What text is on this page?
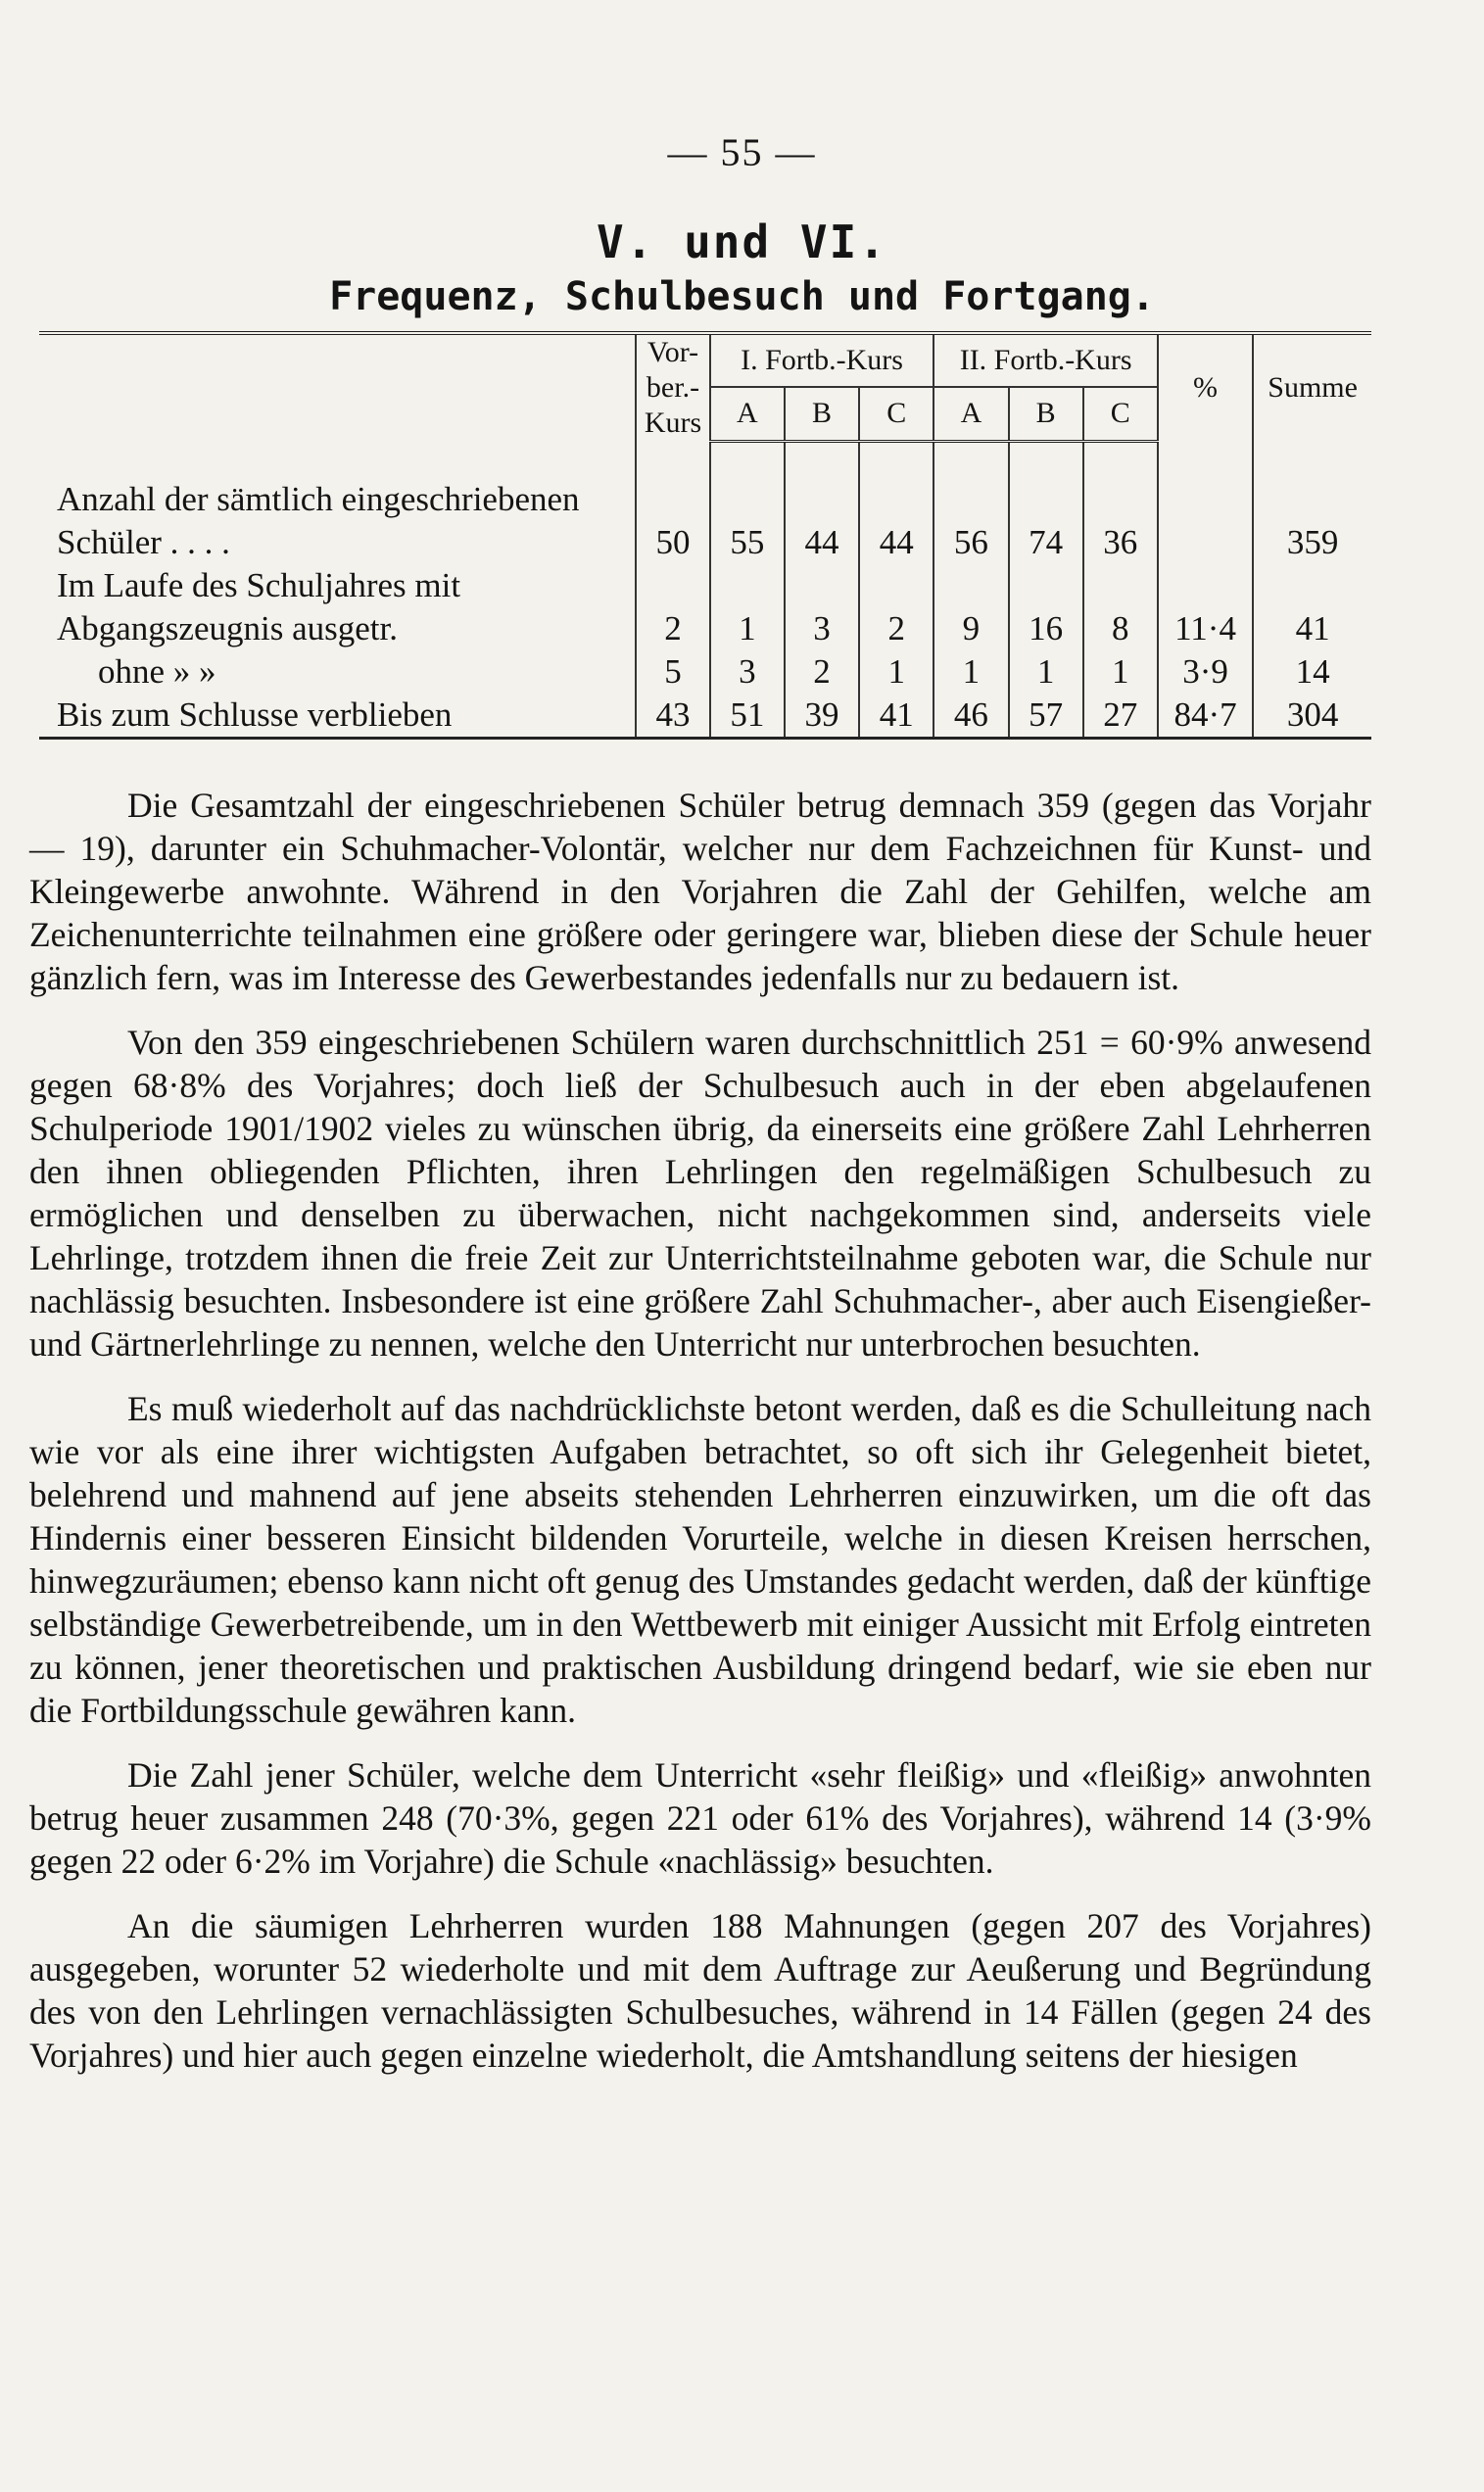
— 55 —
V. und VI.
Frequenz, Schulbesuch und Fortgang.
	Vor-ber.-Kurs	I. Fortb.-Kurs			II. Fortb.-Kurs			%	Summe
		A	B	C	A	B	C		
Anzahl der sämtlich eingeschriebenen Schüler . . . .	50	55	44	44	56	74	36		359
Im Laufe des Schuljahres mit Abgangszeugnis ausgetr.	2	1	3	2	9	16	8	11·4	41
ohne » »	5	3	2	1	1	1	1	3·9	14
Bis zum Schlusse verblieben	43	51	39	41	46	57	27	84·7	304

Die Gesamtzahl der eingeschriebenen Schüler betrug demnach 359 (gegen das Vorjahr — 19), darunter ein Schuhmacher-Volontär, welcher nur dem Fachzeichnen für Kunst- und Kleingewerbe anwohnte. Während in den Vorjahren die Zahl der Gehilfen, welche am Zeichenunterrichte teilnahmen eine größere oder geringere war, blieben diese der Schule heuer gänzlich fern, was im Interesse des Gewerbestandes jedenfalls nur zu bedauern ist.

Von den 359 eingeschriebenen Schülern waren durchschnittlich 251 = 60·9% anwesend gegen 68·8% des Vorjahres; doch ließ der Schulbesuch auch in der eben abgelaufenen Schulperiode 1901/1902 vieles zu wünschen übrig, da einerseits eine größere Zahl Lehrherren den ihnen obliegenden Pflichten, ihren Lehrlingen den regelmäßigen Schulbesuch zu ermöglichen und denselben zu überwachen, nicht nachgekommen sind, anderseits viele Lehrlinge, trotzdem ihnen die freie Zeit zur Unterrichtsteilnahme geboten war, die Schule nur nachlässig besuchten. Insbesondere ist eine größere Zahl Schuhmacher-, aber auch Eisengießer- und Gärtnerlehrlinge zu nennen, welche den Unterricht nur unterbrochen besuchten.

Es muß wiederholt auf das nachdrücklichste betont werden, daß es die Schulleitung nach wie vor als eine ihrer wichtigsten Aufgaben betrachtet, so oft sich ihr Gelegenheit bietet, belehrend und mahnend auf jene abseits stehenden Lehrherren einzuwirken, um die oft das Hindernis einer besseren Einsicht bildenden Vorurteile, welche in diesen Kreisen herrschen, hinwegzuräumen; ebenso kann nicht oft genug des Umstandes gedacht werden, daß der künftige selbständige Gewerbetreibende, um in den Wettbewerb mit einiger Aussicht mit Erfolg eintreten zu können, jener theoretischen und praktischen Ausbildung dringend bedarf, wie sie eben nur die Fortbildungsschule gewähren kann.

Die Zahl jener Schüler, welche dem Unterricht «sehr fleißig» und «fleißig» anwohnten betrug heuer zusammen 248 (70·3%, gegen 221 oder 61% des Vorjahres), während 14 (3·9% gegen 22 oder 6·2% im Vorjahre) die Schule «nachlässig» besuchten.

An die säumigen Lehrherren wurden 188 Mahnungen (gegen 207 des Vorjahres) ausgegeben, worunter 52 wiederholte und mit dem Auftrage zur Aeußerung und Begründung des von den Lehrlingen vernachlässigten Schulbesuches, während in 14 Fällen (gegen 24 des Vorjahres) und hier auch gegen einzelne wiederholt, die Amtshandlung seitens der hiesigen
